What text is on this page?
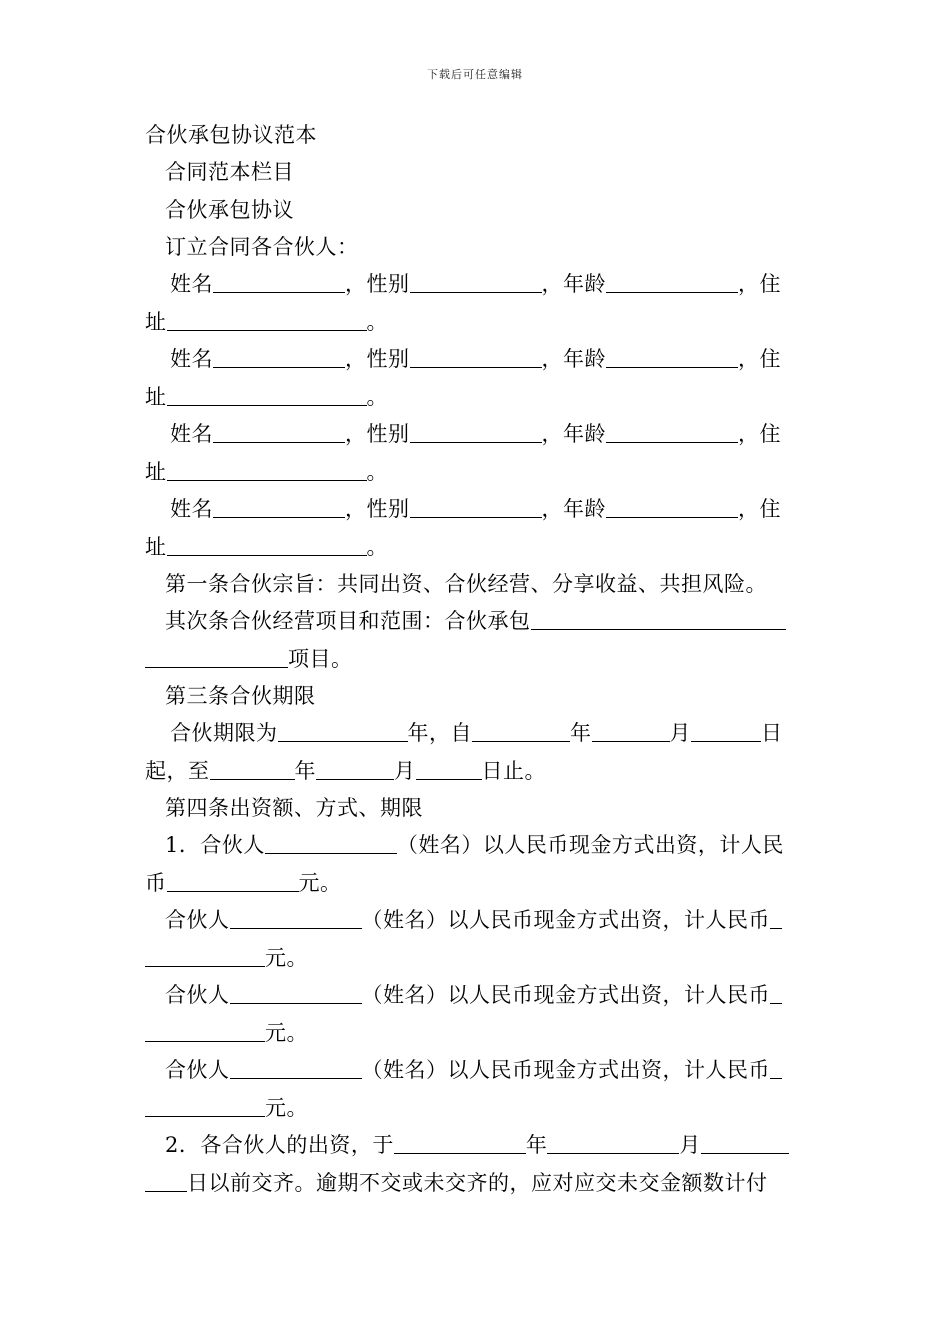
下载后可任意编辑
合伙承包协议范本
合同范本栏目
合伙承包协议
订立合同各合伙人：
姓名	，性别	，年龄	，住
址	。
姓名	，性别	，年龄	，住
址	。
姓名	，性别	，年龄	，住
址	。
姓名	，性别	，年龄	，住
址	。
第一条合伙宗旨：共同出资、合伙经营、分享收益、共担风险。
其次条合伙经营项目和范围：合伙承包
项目。
第三条合伙期限
合伙期限为	年，自	年	月	日
起，至	年	月	日止。
第四条出资额、方式、期限
1．合伙人	（姓名）以人民币现金方式出资，计人民
币	元。
合伙人	（姓名）以人民币现金方式出资，计人民币
元。
合伙人	（姓名）以人民币现金方式出资，计人民币
元。
合伙人	（姓名）以人民币现金方式出资，计人民币
元。
2．各合伙人的出资，于	年	月
日以前交齐。逾期不交或未交齐的，应对应交未交金额数计付
